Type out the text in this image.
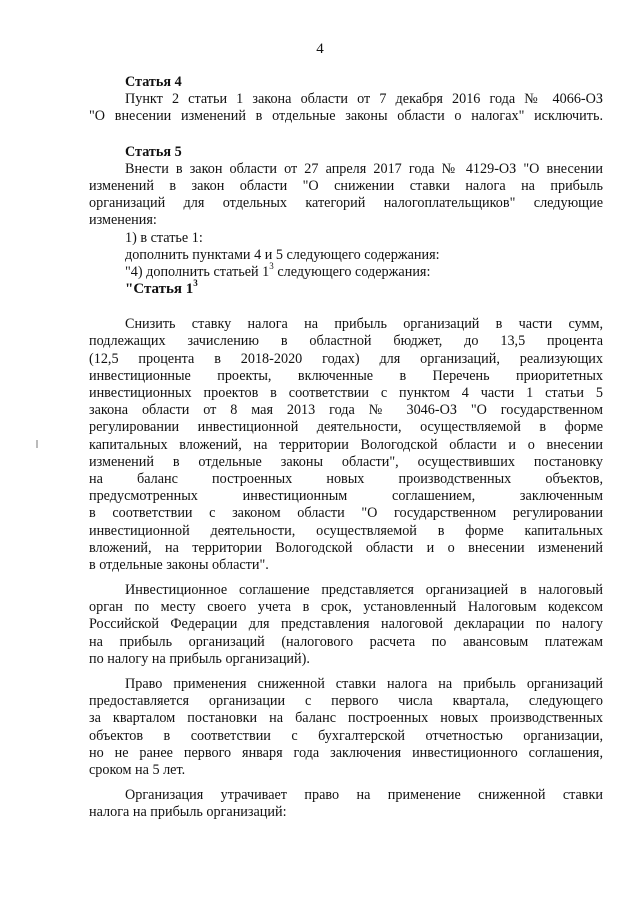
4
Статья 4
Пункт 2 статьи 1 закона области от 7 декабря 2016 года № 4066-ОЗ
"О внесении изменений в отдельные законы области о налогах" исключить.
Статья 5
Внести в закон области от 27 апреля 2017 года № 4129-ОЗ "О внесении
изменений в закон области "О снижении ставки налога на прибыль
организаций для отдельных категорий налогоплательщиков" следующие
изменения:
1) в статье 1:
дополнить пунктами 4 и 5 следующего содержания:
"4) дополнить статьей $1^3$ следующего содержания:
"Статья $1^3$
Снизить ставку налога на прибыль организаций в части сумм,
подлежащих зачислению в областной бюджет, до 13,5 процента
(12,5 процента в 2018-2020 годах) для организаций, реализующих
инвестиционные проекты, включенные в Перечень приоритетных
инвестиционных проектов в соответствии с пунктом 4 части 1 статьи 5
закона области от 8 мая 2013 года № 3046-ОЗ "О государственном
регулировании инвестиционной деятельности, осуществляемой в форме
капитальных вложений, на территории Вологодской области и о внесении
изменений в отдельные законы области", осуществивших постановку
на баланс построенных новых производственных объектов,
предусмотренных инвестиционным соглашением, заключенным
в соответствии с законом области "О государственном регулировании
инвестиционной деятельности, осуществляемой в форме капитальных
вложений, на территории Вологодской области и о внесении изменений
в отдельные законы области".
Инвестиционное соглашение представляется организацией в налоговый
орган по месту своего учета в срок, установленный Налоговым кодексом
Российской Федерации для представления налоговой декларации по налогу
на прибыль организаций (налогового расчета по авансовым платежам
по налогу на прибыль организаций).
Право применения сниженной ставки налога на прибыль организаций
предоставляется организации с первого числа квартала, следующего
за кварталом постановки на баланс построенных новых производственных
объектов в соответствии с бухгалтерской отчетностью организации,
но не ранее первого января года заключения инвестиционного соглашения,
сроком на 5 лет.
Организация утрачивает право на применение сниженной ставки
налога на прибыль организаций:
